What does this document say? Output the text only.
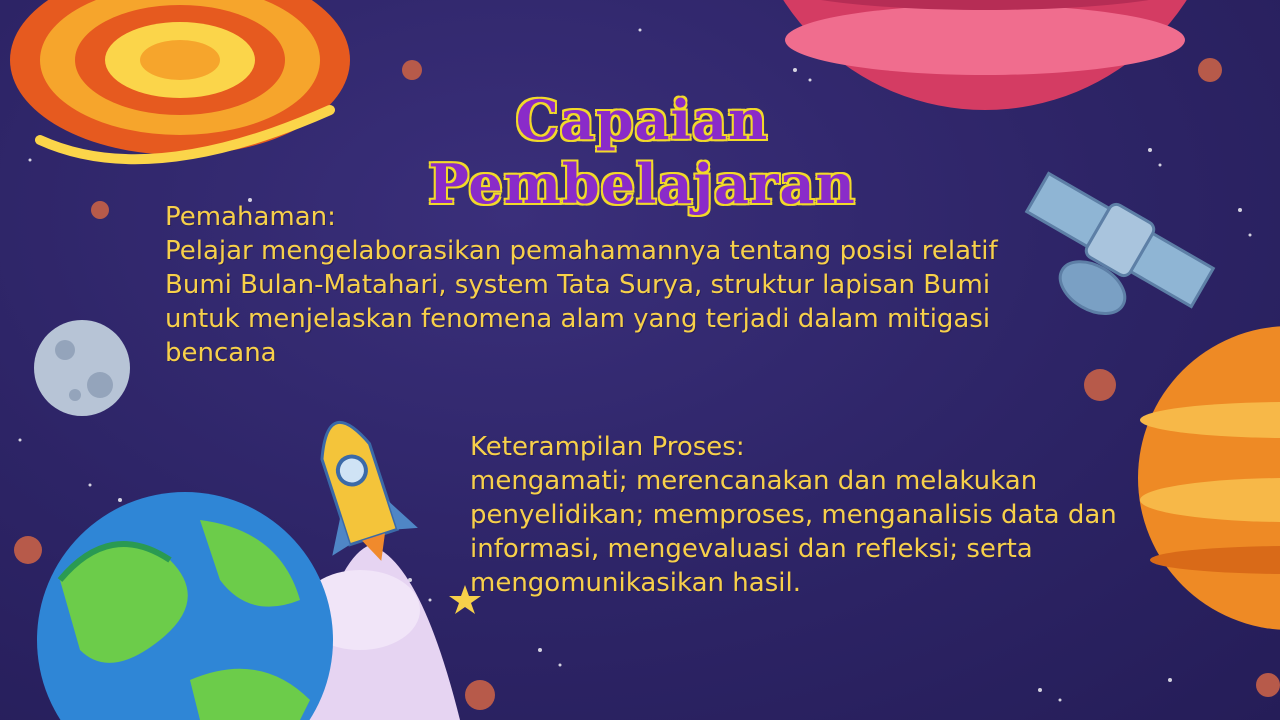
Capaian Pembelajaran
Pemahaman:
Pelajar mengelaborasikan pemahamannya tentang posisi relatif Bumi Bulan-Matahari, system Tata Surya, struktur lapisan Bumi untuk menjelaskan fenomena alam yang terjadi dalam mitigasi bencana
Keterampilan Proses:
mengamati; merencanakan dan melakukan penyelidikan; memproses, menganalisis data dan informasi, mengevaluasi dan refleksi; serta mengomunikasikan hasil.
